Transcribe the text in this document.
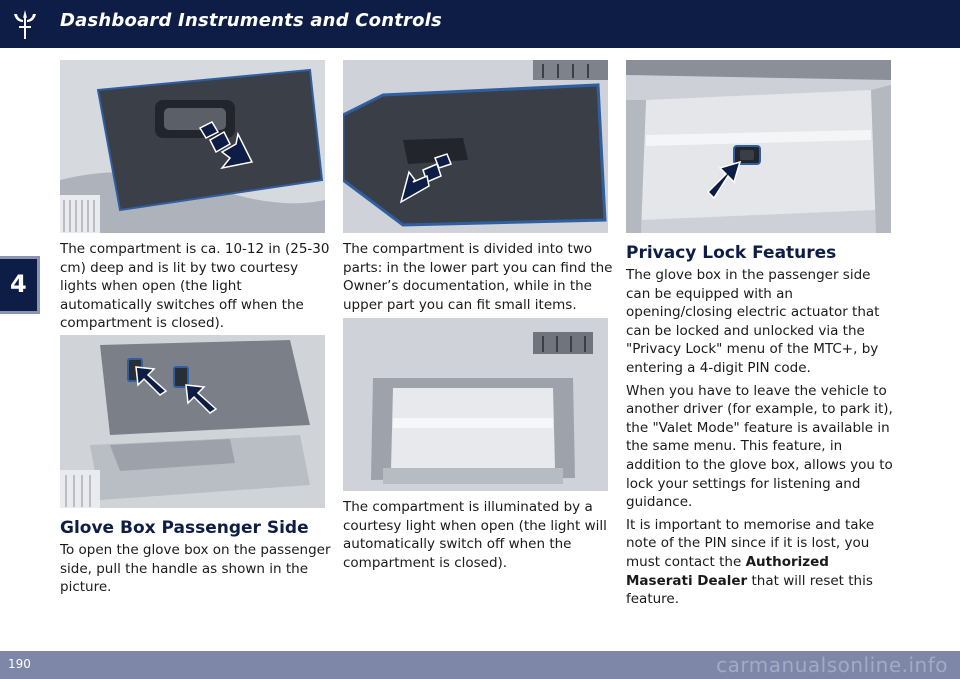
Dashboard Instruments and Controls
4
The compartment is ca. 10-12 in (25-30 cm) deep and is lit by two courtesy lights when open (the light automatically switches off when the compartment is closed).
Glove Box Passenger Side
To open the glove box on the passenger side, pull the handle as shown in the picture.
The compartment is divided into two parts: in the lower part you can find the Owner’s documentation, while in the upper part you can fit small items.
The compartment is illuminated by a courtesy light when open (the light will automatically switch off when the compartment is closed).
Privacy Lock Features

The glove box in the passenger side can be equipped with an opening/closing electric actuator that can be locked and unlocked via the "Privacy Lock" menu of the MTC+, by entering a 4-digit PIN code.

When you have to leave the vehicle to another driver (for example, to park it), the "Valet Mode" feature is available in the same menu. This feature, in addition to the glove box, allows you to lock your settings for listening and guidance.

It is important to memorise and take note of the PIN since if it is lost, you must contact the Authorized Maserati Dealer that will reset this feature.

190	carmanualsonline.info
